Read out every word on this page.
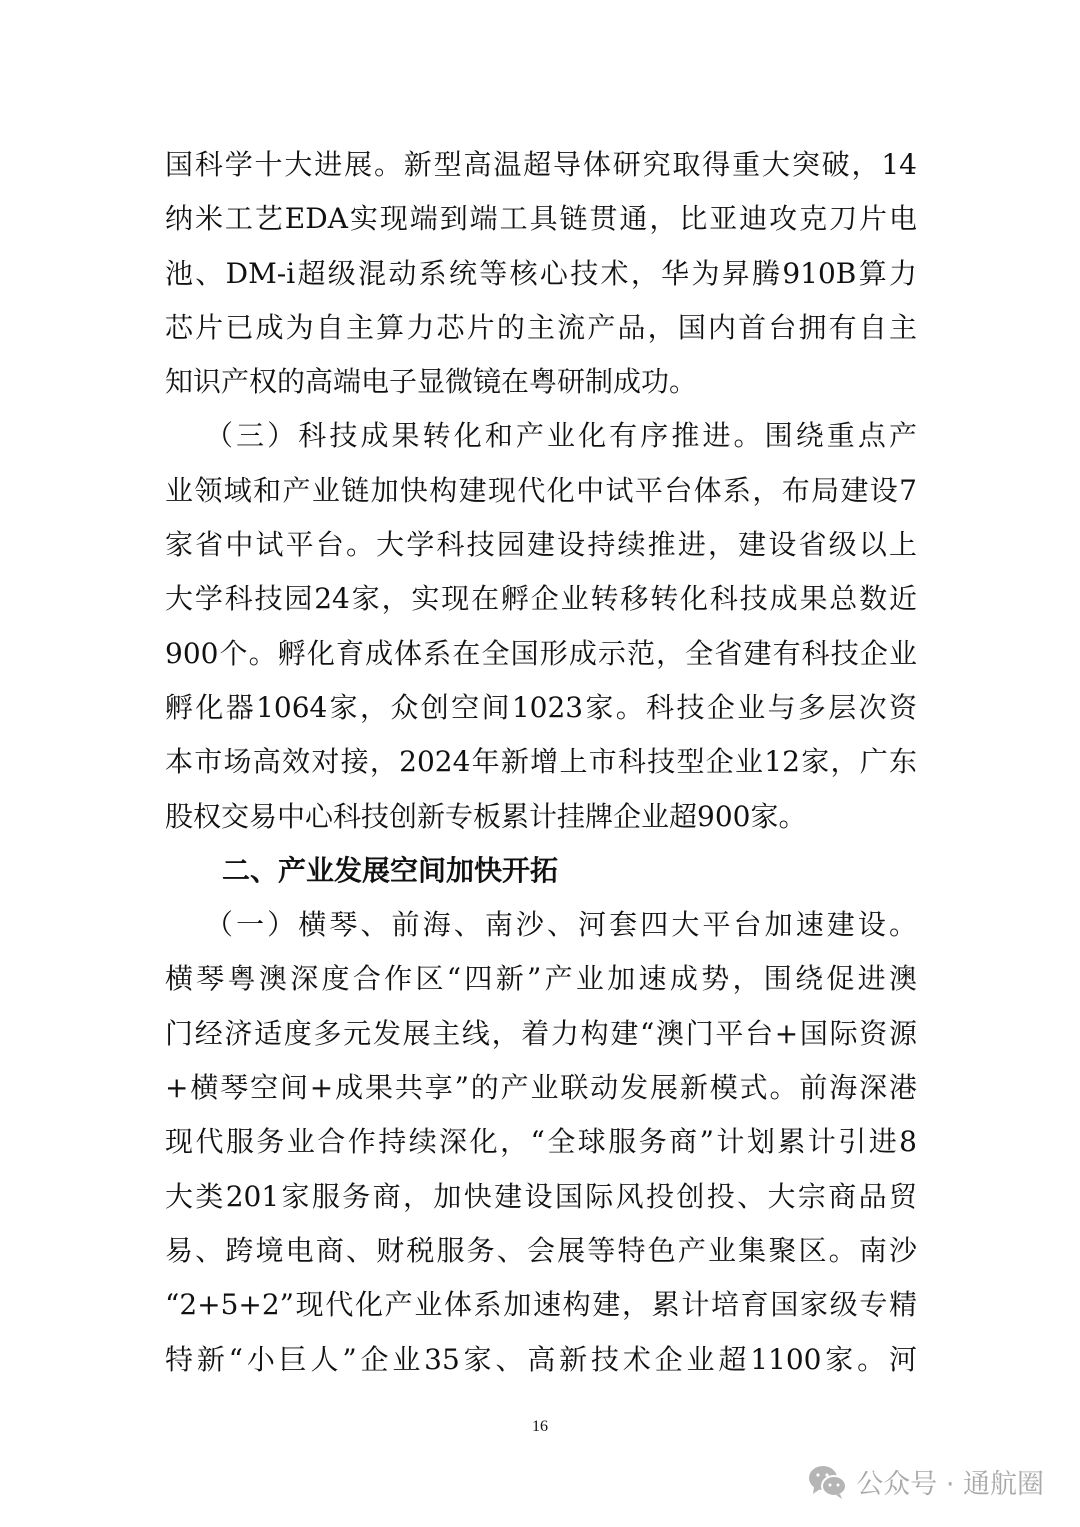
国科学十大进展。新型高温超导体研究取得重大突破，14
纳米工艺EDA实现端到端工具链贯通，比亚迪攻克刀片电
池、DM-i超级混动系统等核心技术，华为昇腾910B算力
芯片已成为自主算力芯片的主流产品，国内首台拥有自主
知识产权的高端电子显微镜在粤研制成功。
（三）科技成果转化和产业化有序推进。围绕重点产
业领域和产业链加快构建现代化中试平台体系，布局建设7
家省中试平台。大学科技园建设持续推进，建设省级以上
大学科技园24家，实现在孵企业转移转化科技成果总数近
900个。孵化育成体系在全国形成示范，全省建有科技企业
孵化器1064家，众创空间1023家。科技企业与多层次资
本市场高效对接，2024年新增上市科技型企业12家，广东
股权交易中心科技创新专板累计挂牌企业超900家。
二、产业发展空间加快开拓
（一）横琴、前海、南沙、河套四大平台加速建设。
横琴粤澳深度合作区“四新”产业加速成势，围绕促进澳
门经济适度多元发展主线，着力构建“澳门平台+国际资源
+横琴空间+成果共享”的产业联动发展新模式。前海深港
现代服务业合作持续深化，“全球服务商”计划累计引进8
大类201家服务商，加快建设国际风投创投、大宗商品贸
易、跨境电商、财税服务、会展等特色产业集聚区。南沙
“2+5+2”现代化产业体系加速构建，累计培育国家级专精
特新“小巨人”企业35家、高新技术企业超1100家。河
16
公众号 · 通航圈
